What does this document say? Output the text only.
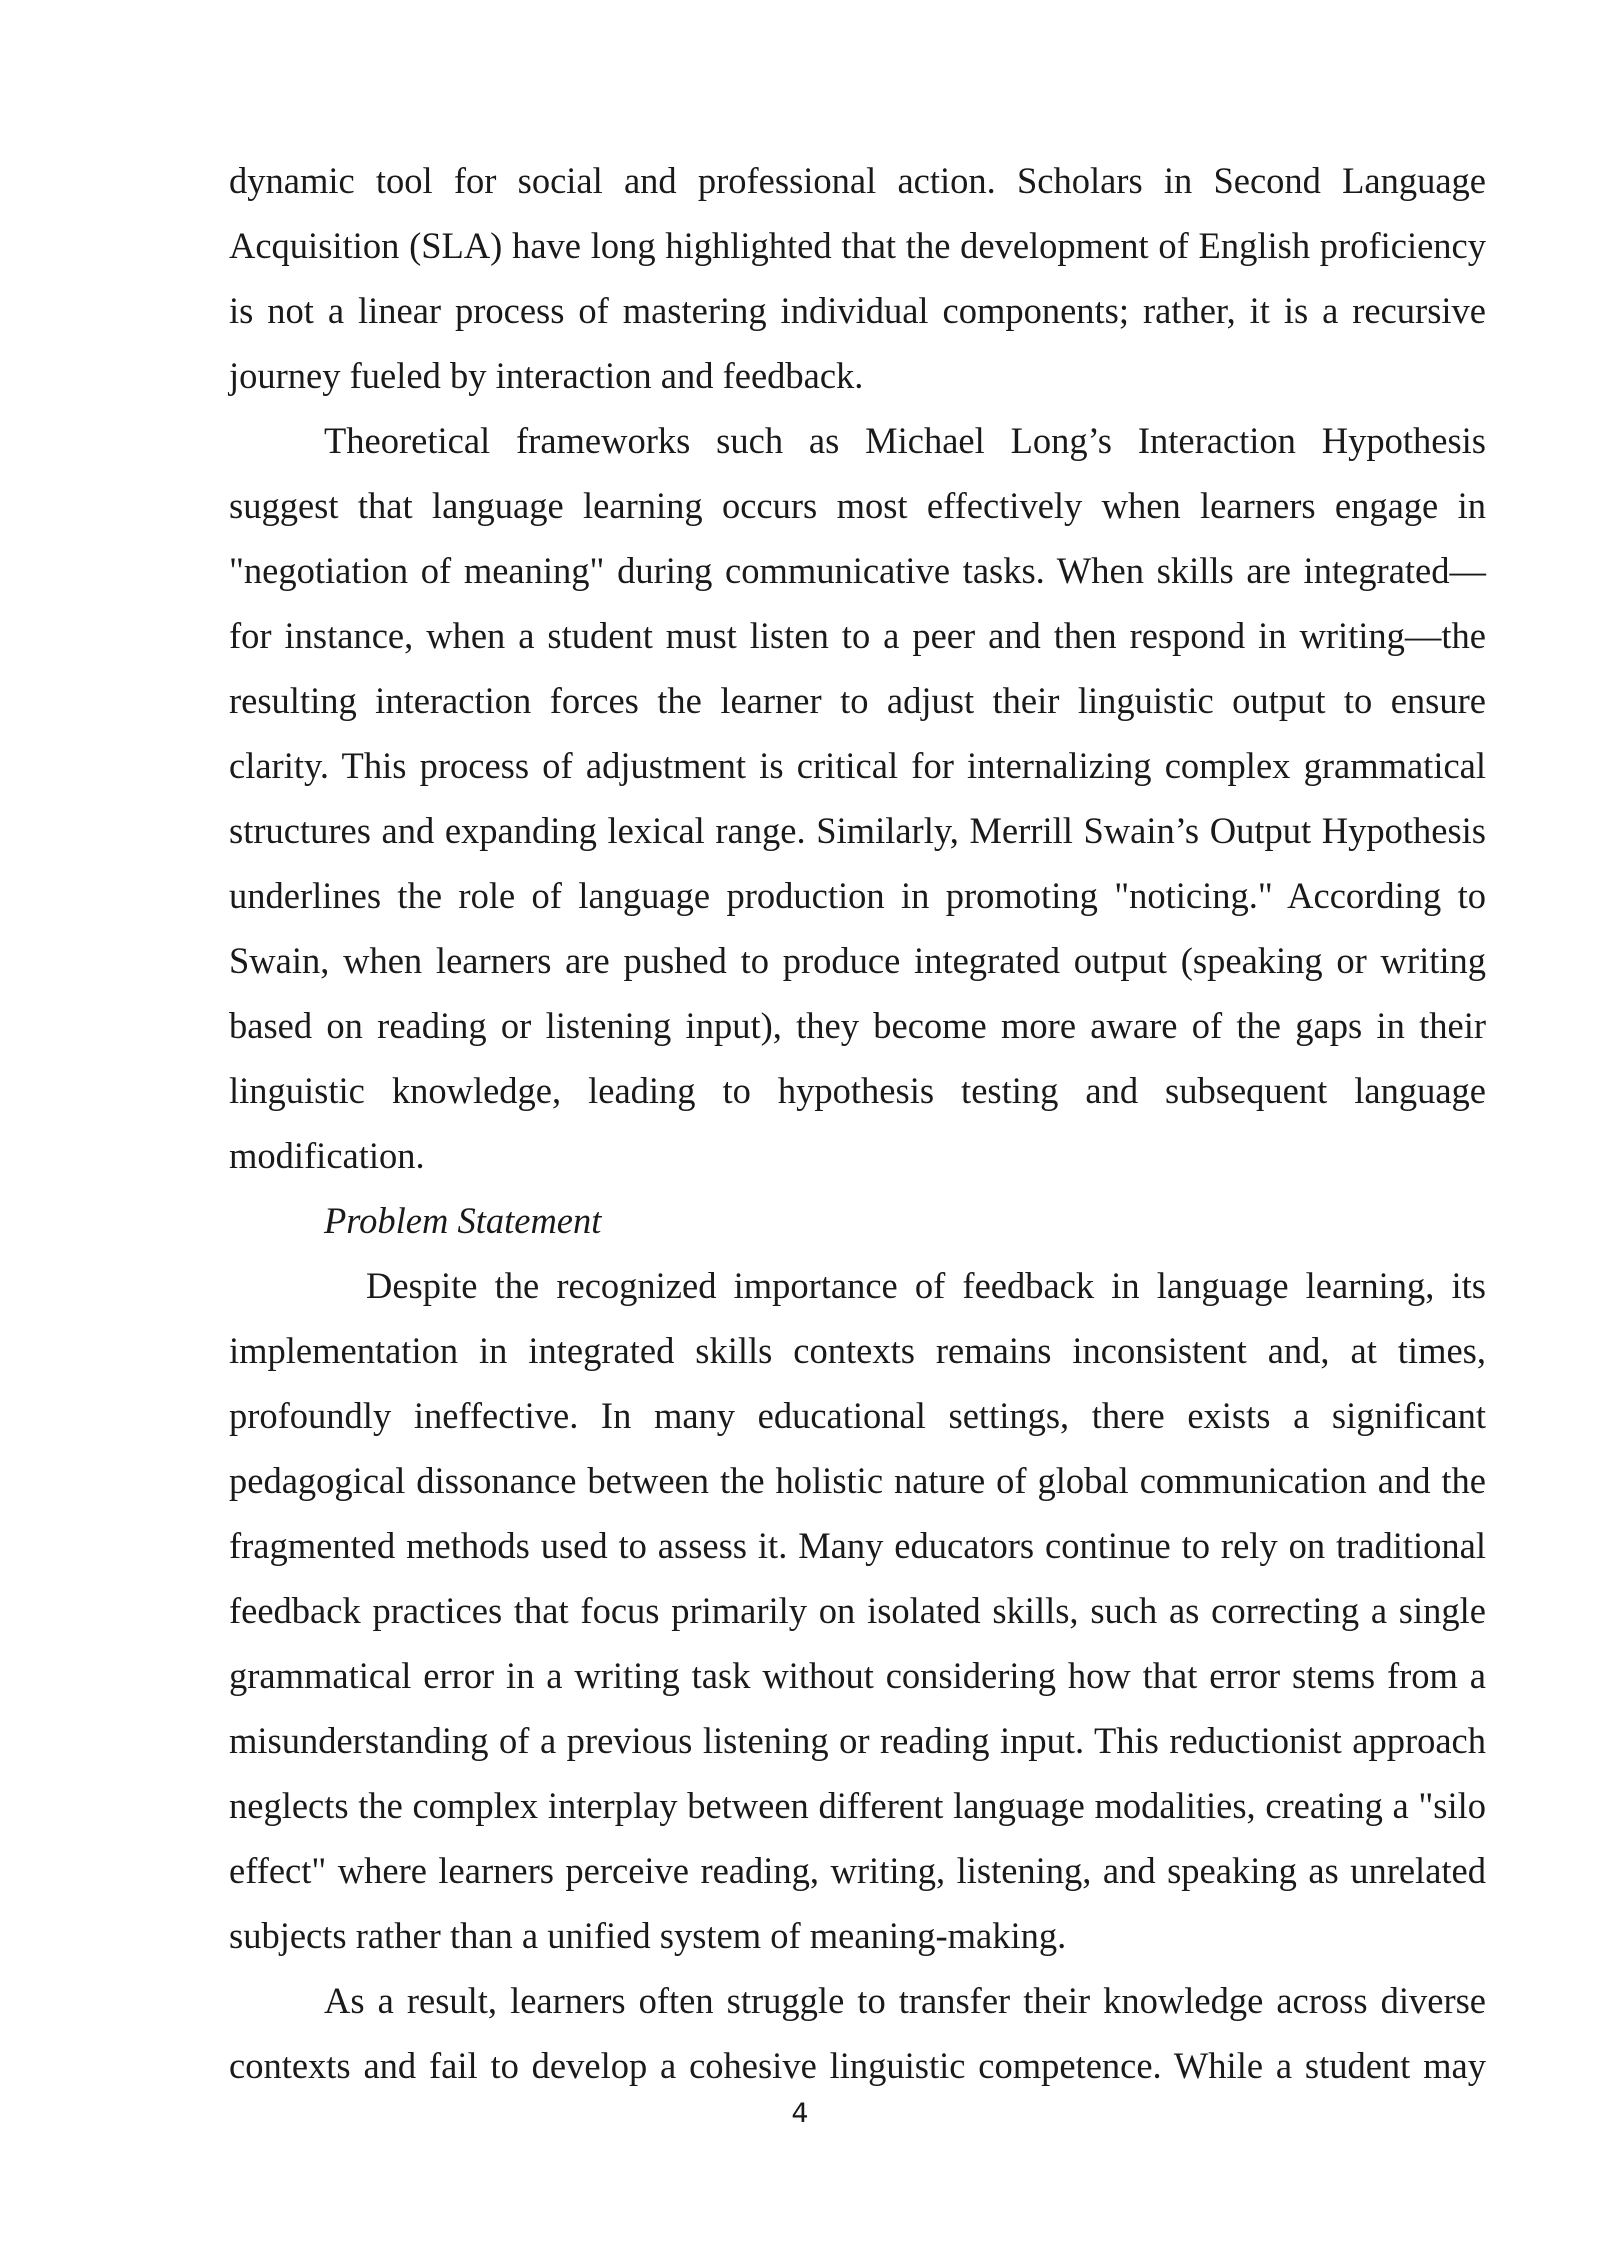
dynamic tool for social and professional action. Scholars in Second Language Acquisition (SLA) have long highlighted that the development of English proficiency is not a linear process of mastering individual components; rather, it is a recursive journey fueled by interaction and feedback.

Theoretical frameworks such as Michael Long’s Interaction Hypothesis suggest that language learning occurs most effectively when learners engage in "negotiation of meaning" during communicative tasks. When skills are integrated—for instance, when a student must listen to a peer and then respond in writing—the resulting interaction forces the learner to adjust their linguistic output to ensure clarity. This process of adjustment is critical for internalizing complex grammatical structures and expanding lexical range. Similarly, Merrill Swain’s Output Hypothesis underlines the role of language production in promoting "noticing." According to Swain, when learners are pushed to produce integrated output (speaking or writing based on reading or listening input), they become more aware of the gaps in their linguistic knowledge, leading to hypothesis testing and subsequent language modification.

Problem Statement

Despite the recognized importance of feedback in language learning, its implementation in integrated skills contexts remains inconsistent and, at times, profoundly ineffective. In many educational settings, there exists a significant pedagogical dissonance between the holistic nature of global communication and the fragmented methods used to assess it. Many educators continue to rely on traditional feedback practices that focus primarily on isolated skills, such as correcting a single grammatical error in a writing task without considering how that error stems from a misunderstanding of a previous listening or reading input. This reductionist approach neglects the complex interplay between different language modalities, creating a "silo effect" where learners perceive reading, writing, listening, and speaking as unrelated subjects rather than a unified system of meaning-making.

As a result, learners often struggle to transfer their knowledge across diverse contexts and fail to develop a cohesive linguistic competence. While a student may

4
